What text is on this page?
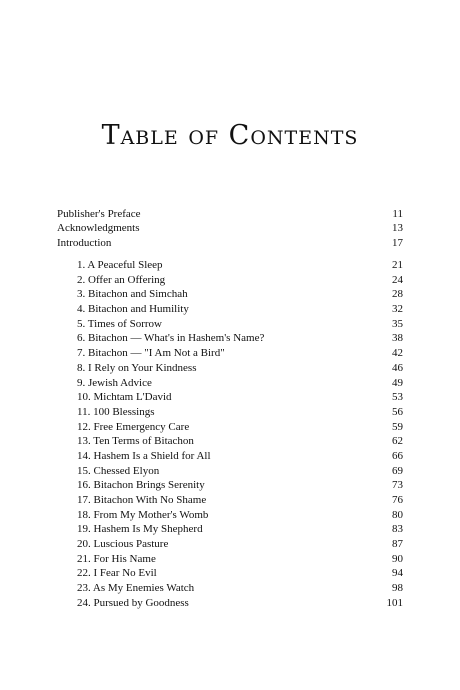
Table of Contents
Publisher's Preface	11
Acknowledgments	13
Introduction	17
1. A Peaceful Sleep	21
2. Offer an Offering	24
3. Bitachon and Simchah	28
4. Bitachon and Humility	32
5. Times of Sorrow	35
6. Bitachon — What's in Hashem's Name?	38
7. Bitachon — "I Am Not a Bird"	42
8. I Rely on Your Kindness	46
9. Jewish Advice	49
10. Michtam L'David	53
11. 100 Blessings	56
12. Free Emergency Care	59
13. Ten Terms of Bitachon	62
14. Hashem Is a Shield for All	66
15. Chessed Elyon	69
16. Bitachon Brings Serenity	73
17. Bitachon With No Shame	76
18. From My Mother's Womb	80
19. Hashem Is My Shepherd	83
20. Luscious Pasture	87
21. For His Name	90
22. I Fear No Evil	94
23. As My Enemies Watch	98
24. Pursued by Goodness	101
